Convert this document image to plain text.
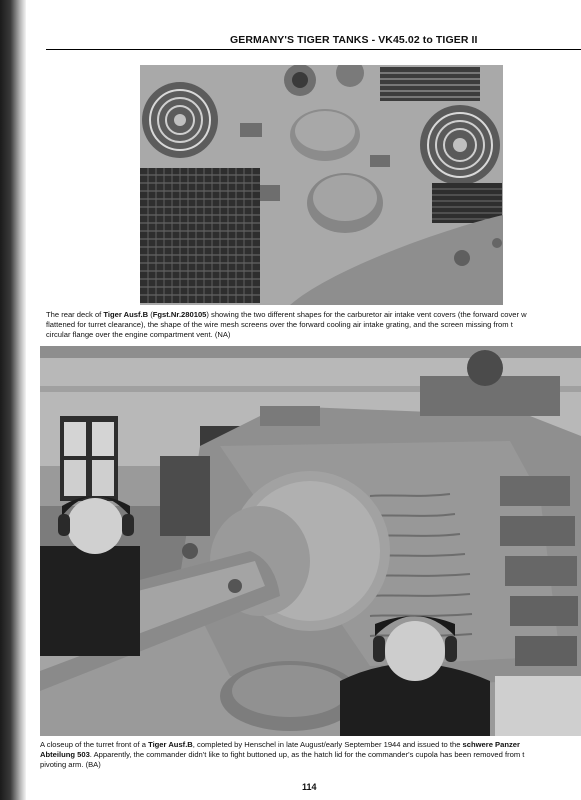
GERMANY'S TIGER TANKS - VK45.02 to TIGER II
The rear deck of Tiger Ausf.B (Fgst.Nr.280105) showing the two different shapes for the carburetor air intake vent covers (the forward cover w
flattened for turret clearance), the shape of the wire mesh screens over the forward cooling air intake grating, and the screen missing from t
circular flange over the engine compartment vent. (NA)
A closeup of the turret front of a Tiger Ausf.B, completed by Henschel in late August/early September 1944 and issued to the schwere Panzer
Abteilung 503. Apparently, the commander didn't like to fight buttoned up, as the hatch lid for the commander's cupola has been removed from t
pivoting arm. (BA)
114
